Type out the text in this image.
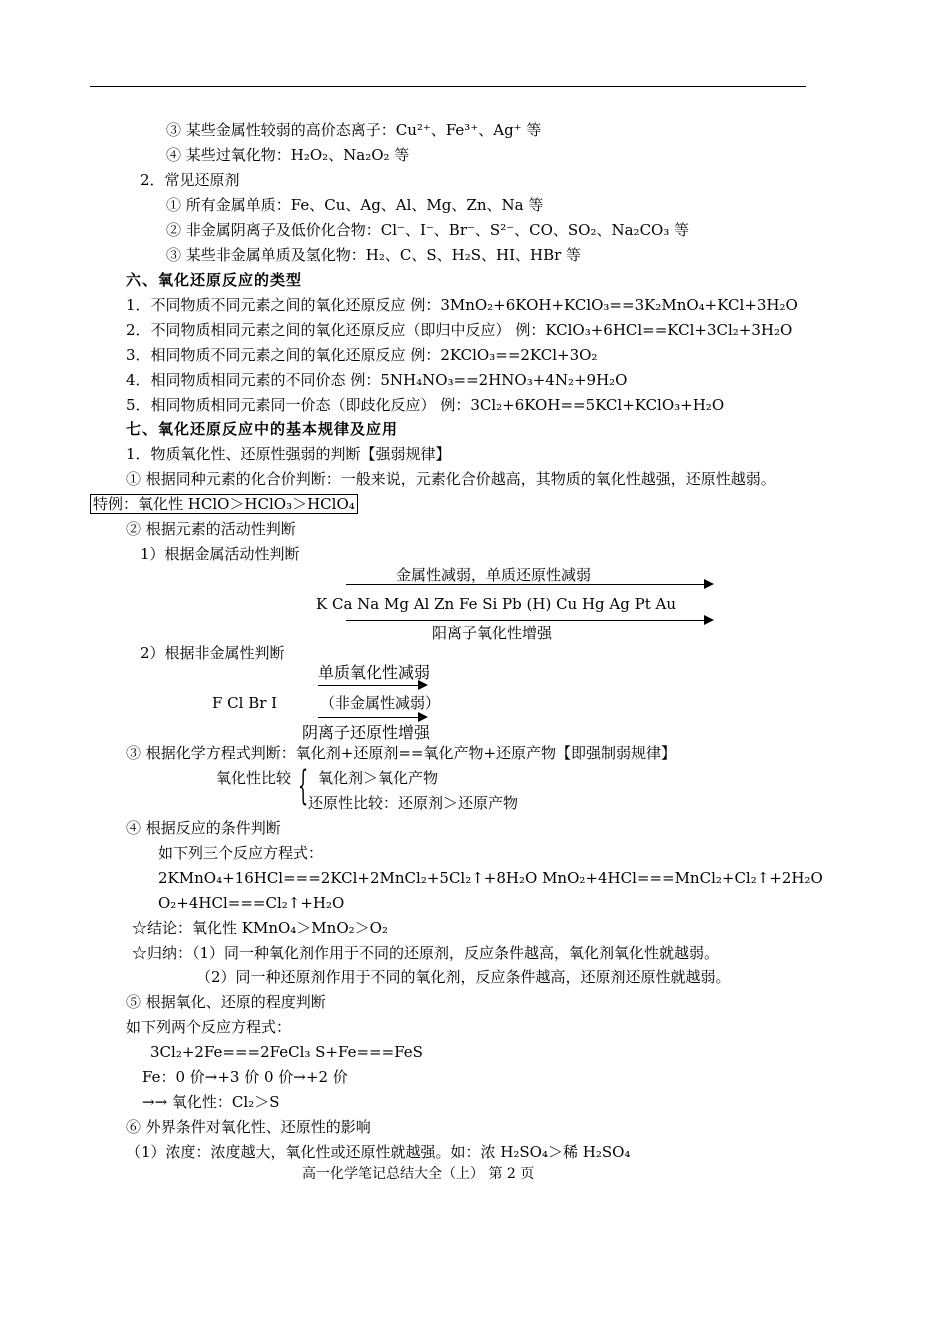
③ 某些金属性较弱的高价态离子：Cu²⁺、Fe³⁺、Ag⁺ 等
④ 某些过氧化物：H₂O₂、Na₂O₂ 等
2．常见还原剂
① 所有金属单质：Fe、Cu、Ag、Al、Mg、Zn、Na 等
② 非金属阴离子及低价化合物：Cl⁻、I⁻、Br⁻、S²⁻、CO、SO₂、Na₂CO₃ 等
③ 某些非金属单质及氢化物：H₂、C、S、H₂S、HI、HBr 等
六、氧化还原反应的类型
1．不同物质不同元素之间的氧化还原反应 例：3MnO₂+6KOH+KClO₃==3K₂MnO₄+KCl+3H₂O
2．不同物质相同元素之间的氧化还原反应（即归中反应） 例：KClO₃+6HCl==KCl+3Cl₂+3H₂O
3．相同物质不同元素之间的氧化还原反应 例：2KClO₃==2KCl+3O₂
4．相同物质相同元素的不同价态 例：5NH₄NO₃==2HNO₃+4N₂+9H₂O
5．相同物质相同元素同一价态（即歧化反应） 例：3Cl₂+6KOH==5KCl+KClO₃+H₂O
七、氧化还原反应中的基本规律及应用
1．物质氧化性、还原性强弱的判断【强弱规律】
① 根据同种元素的化合价判断：一般来说，元素化合价越高，其物质的氧化性越强，还原性越弱。
特例：氧化性 HClO＞HClO₃＞HClO₄
② 根据元素的活动性判断
1）根据金属活动性判断
金属性减弱，单质还原性减弱
K Ca Na Mg Al Zn Fe Si Pb (H) Cu Hg Ag Pt Au
阳离子氧化性增强
2）根据非金属性判断
单质氧化性减弱
F Cl Br I	（非金属性减弱）
阴离子还原性增强
③ 根据化学方程式判断：氧化剂+还原剂==氧化产物+还原产物【即强制弱规律】
氧化性比较 { 氧化剂＞氧化产物
还原性比较：还原剂＞还原产物
④ 根据反应的条件判断
如下列三个反应方程式：
2KMnO₄+16HCl===2KCl+2MnCl₂+5Cl₂↑+8H₂O MnO₂+4HCl===MnCl₂+Cl₂↑+2H₂O
O₂+4HCl===Cl₂↑+H₂O
☆结论：氧化性 KMnO₄＞MnO₂＞O₂
☆归纳：（1）同一种氧化剂作用于不同的还原剂，反应条件越高，氧化剂氧化性就越弱。
（2）同一种还原剂作用于不同的氧化剂，反应条件越高，还原剂还原性就越弱。
⑤ 根据氧化、还原的程度判断
如下列两个反应方程式：
3Cl₂+2Fe===2FeCl₃ S+Fe===FeS
Fe：0 价→+3 价 0 价→+2 价
→→ 氧化性：Cl₂＞S
⑥ 外界条件对氧化性、还原性的影响
（1）浓度：浓度越大，氧化性或还原性就越强。如：浓 H₂SO₄＞稀 H₂SO₄
高一化学笔记总结大全（上） 第 2 页
